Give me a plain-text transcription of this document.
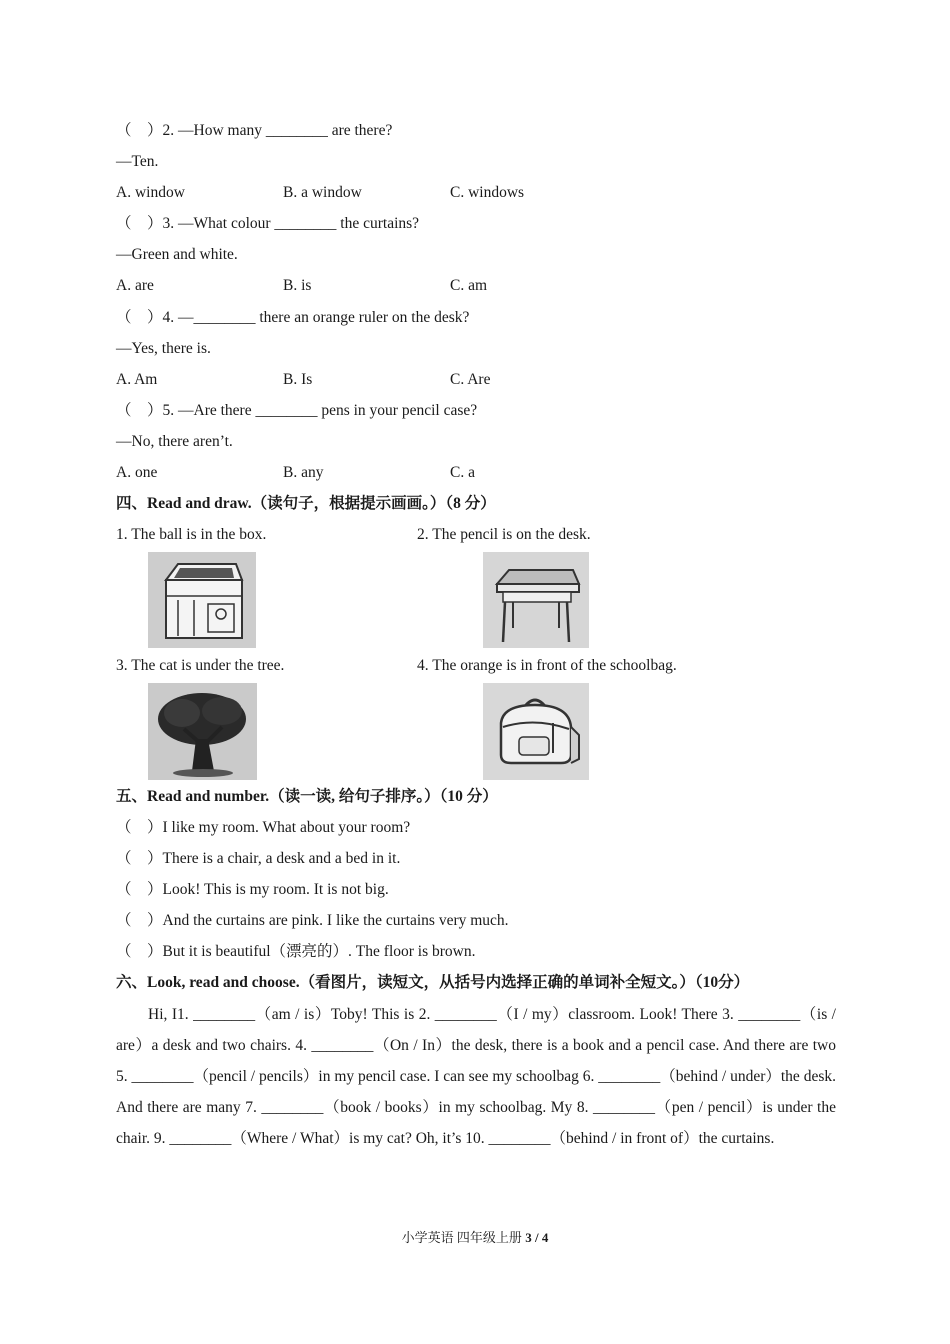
（　）2. —How many ________ are there?
—Ten.
A. window	B. a window	C. windows
（　）3. —What colour ________ the curtains?
—Green and white.
A. are	B. is	C. am
（　）4. —________ there an orange ruler on the desk?
—Yes, there is.
A. Am	B. Is	C. Are
（　）5. —Are there ________ pens in your pencil case?
—No, there aren’t.
A. one	B. any	C. a
四、Read and draw.（读句子，根据提示画画。）（8 分）
1. The ball is in the box.	2. The pencil is on the desk.
3. The cat is under the tree.	4. The orange is in front of the schoolbag.
五、Read and number.（读一读, 给句子排序。）（10 分）
（　）I like my room. What about your room?
（　）There is a chair, a desk and a bed in it.
（　）Look! This is my room. It is not big.
（　）And the curtains are pink. I like the curtains very much.
（　）But it is beautiful（漂亮的）. The floor is brown.
六、Look, read and choose.（看图片，读短文，从括号内选择正确的单词补全短文。）（10分）
Hi, I1. ________（am / is）Toby! This is 2. ________（I / my）classroom. Look! There 3. ________（is / are）a desk and two chairs. 4. ________（On / In）the desk, there is a book and a pencil case. And there are two 5. ________（pencil / pencils）in my pencil case. I can see my schoolbag 6. ________（behind / under）the desk. And there are many 7. ________（book / books）in my schoolbag. My 8. ________（pen / pencil）is under the chair. 9. ________（Where / What）is my cat? Oh, it’s 10. ________（behind / in front of）the curtains.
小学英语 四年级上册 3 / 4
